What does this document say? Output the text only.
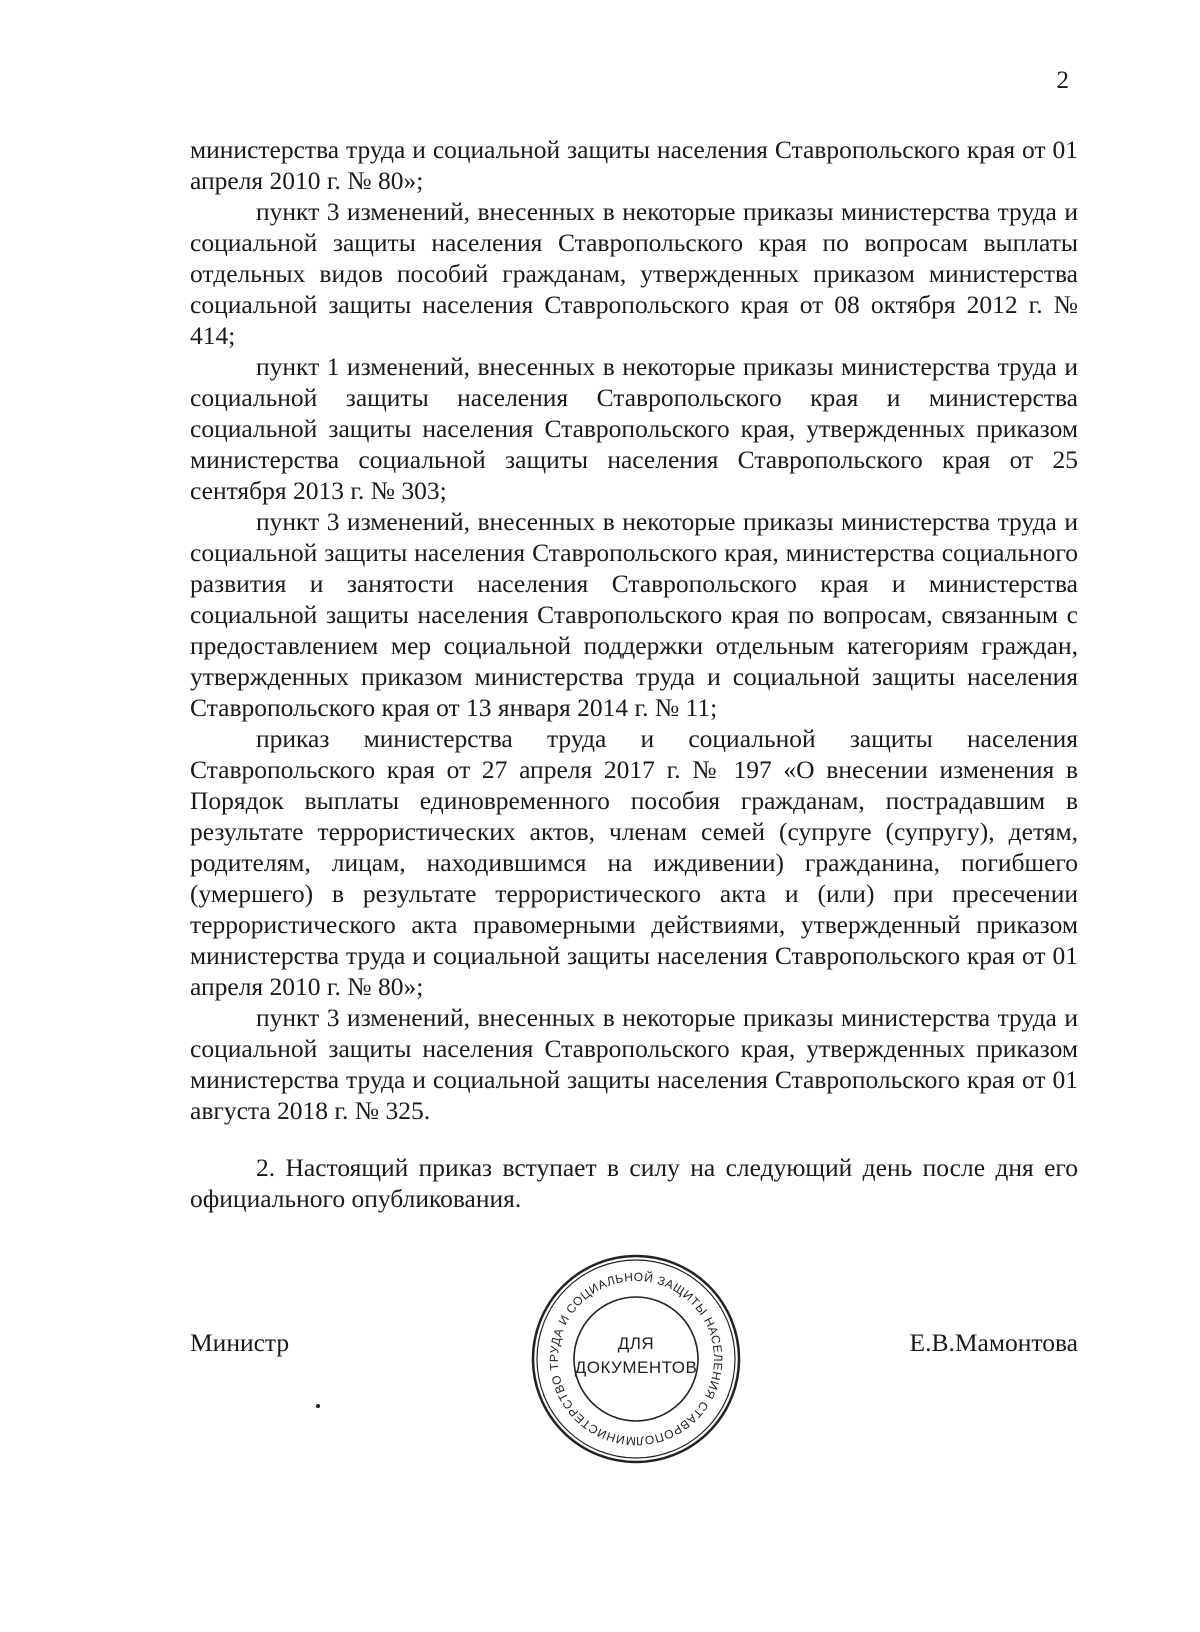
2

министерства труда и социальной защиты населения Ставропольского края от 01 апреля 2010 г. № 80»;

пункт 3 изменений, внесенных в некоторые приказы министерства труда и социальной защиты населения Ставропольского края по вопросам выплаты отдельных видов пособий гражданам, утвержденных приказом министерства социальной защиты населения Ставропольского края от 08 октября 2012 г. № 414;

пункт 1 изменений, внесенных в некоторые приказы министерства труда и социальной защиты населения Ставропольского края и министерства социальной защиты населения Ставропольского края, утвержденных приказом министерства социальной защиты населения Ставропольского края от 25 сентября 2013 г. № 303;

пункт 3 изменений, внесенных в некоторые приказы министерства труда и социальной защиты населения Ставропольского края, министерства социального развития и занятости населения Ставропольского края и министерства социальной защиты населения Ставропольского края по вопросам, связанным с предоставлением мер социальной поддержки отдельным категориям граждан, утвержденных приказом министерства труда и социальной защиты населения Ставропольского края от 13 января 2014 г. № 11;

приказ министерства труда и социальной защиты населения Ставропольского края от 27 апреля 2017 г. № 197 «О внесении изменения в Порядок выплаты единовременного пособия гражданам, пострадавшим в результате террористических актов, членам семей (супруге (супругу), детям, родителям, лицам, находившимся на иждивении) гражданина, погибшего (умершего) в результате террористического акта и (или) при пресечении террористического акта правомерными действиями, утвержденный приказом министерства труда и социальной защиты населения Ставропольского края от 01 апреля 2010 г. № 80»;

пункт 3 изменений, внесенных в некоторые приказы министерства труда и социальной защиты населения Ставропольского края, утвержденных приказом министерства труда и социальной защиты населения Ставропольского края от 01 августа 2018 г. № 325.

2. Настоящий приказ вступает в силу на следующий день после дня его официального опубликования.

Министр	Е.В.Мамонтова
МИНИСТЕРСТВО ТРУДА И СОЦИАЛЬНОЙ ЗАЩИТЫ НАСЕЛЕНИЯ СТАВРОПОЛ
ДЛЯ
ДОКУМЕНТОВ
